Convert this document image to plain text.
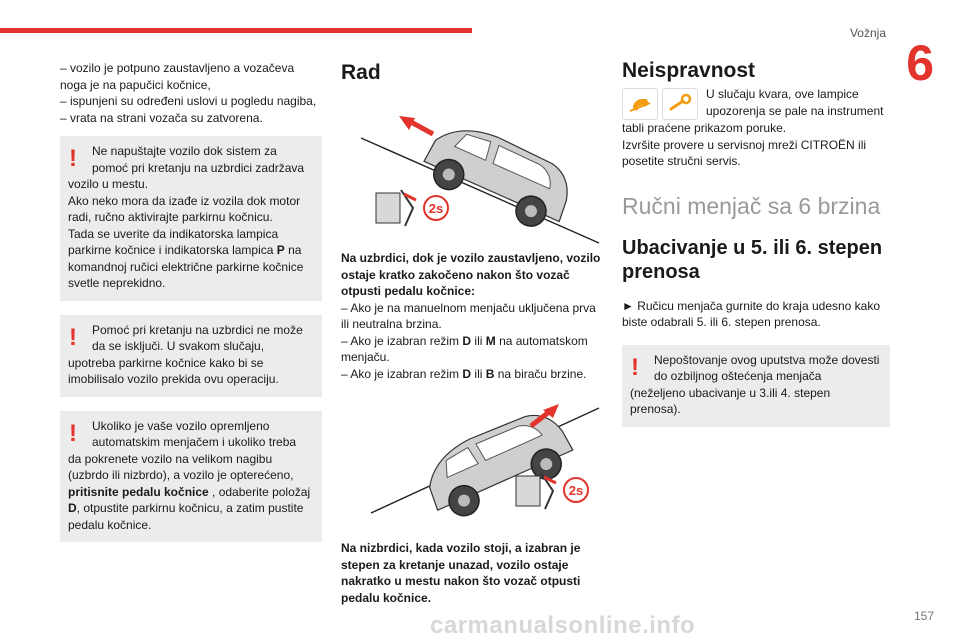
Vožnja
6
– vozilo je potpuno zaustavljeno a vozačeva noga je na papučici kočnice,
– ispunjeni su određeni uslovi u pogledu nagiba,
– vrata na strani vozača su zatvorena.
!	Ne napuštajte vozilo dok sistem za pomoć pri kretanju na uzbrdici zadržava
vozilo u mestu.
Ako neko mora da izađe iz vozila dok motor radi, ručno aktivirajte parkirnu kočnicu.
Tada se uverite da indikatorska lampica parkirne kočnice i indikatorska lampica P na komandnoj ručici električne parkirne kočnice svetle neprekidno.
!	Pomoć pri kretanju na uzbrdici ne može da se isključi. U svakom slučaju,
upotreba parkirne kočnice kako bi se imobilisalo vozilo prekida ovu operaciju.
!	Ukoliko je vaše vozilo opremljeno automatskim menjačem i ukoliko treba
da pokrenete vozilo na velikom nagibu (uzbrdo ili nizbrdo), a vozilo je opterećeno, pritisnite pedalu kočnice , odaberite položaj D, otpustite parkirnu kočnicu, a zatim pustite pedalu kočnice.
Rad
2s
Na uzbrdici, dok je vozilo zaustavljeno, vozilo ostaje kratko zakočeno nakon što vozač otpusti pedalu kočnice:
– Ako je na manuelnom menjaču uključena prva ili neutralna brzina.
– Ako je izabran režim D ili M na automatskom menjaču.
– Ako je izabran režim D ili B na biraču brzine.
2s
Na nizbrdici, kada vozilo stoji, a izabran je stepen za kretanje unazad, vozilo ostaje nakratko u mestu nakon što vozač otpusti pedalu kočnice.
Neispravnost
U slučaju kvara, ove lampice upozorenja se pale na instrument
tabli praćene prikazom poruke.
Izvršite provere u servisnoj mreži CITROËN ili posetite stručni servis.
Ručni menjač sa 6 brzina
Ubacivanje u 5. ili 6. stepen prenosa
► Ručicu menjača gurnite do kraja udesno kako biste odabrali 5. ili 6. stepen prenosa.
!	Nepoštovanje ovog uputstva može dovesti do ozbiljnog oštećenja menjača
(neželjeno ubacivanje u 3.ili 4. stepen prenosa).
carmanualsonline.info	157
